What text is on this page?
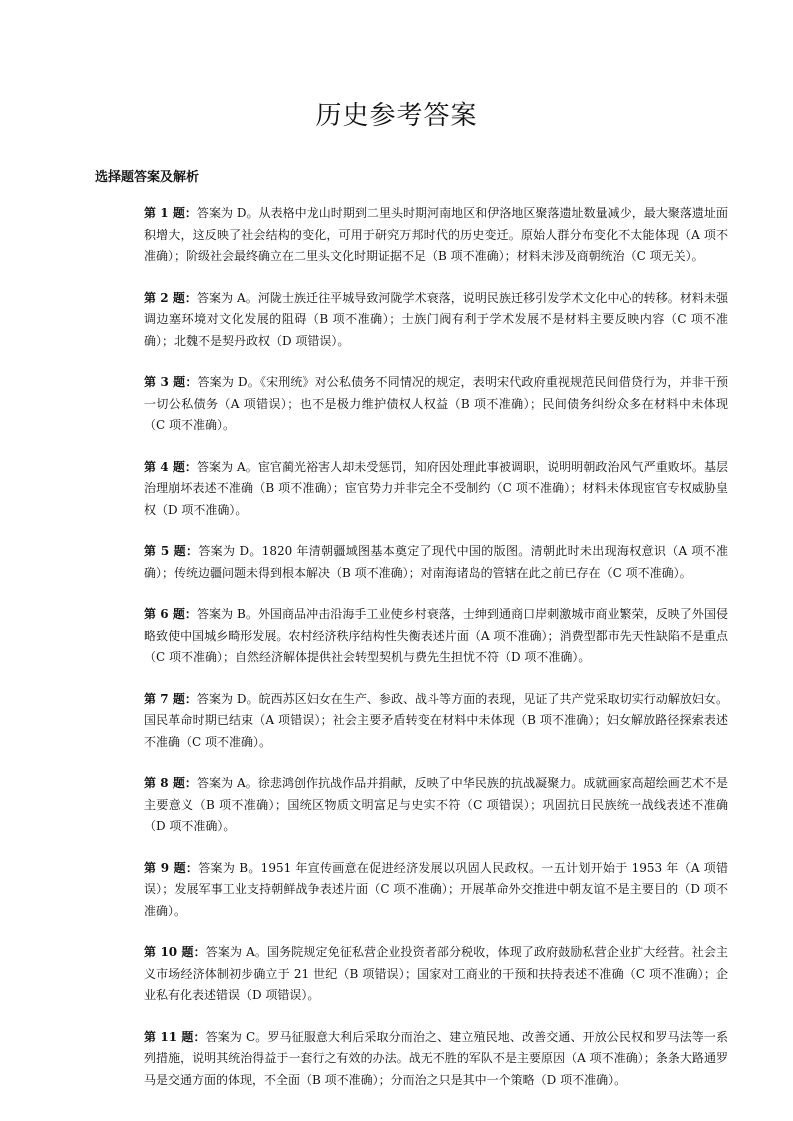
历史参考答案
选择题答案及解析

第 1 题：答案为 D。从表格中龙山时期到二里头时期河南地区和伊洛地区聚落遗址数量减少，最大聚落遗址面积增大，这反映了社会结构的变化，可用于研究万邦时代的历史变迁。原始人群分布变化不太能体现（A 项不准确）；阶级社会最终确立在二里头文化时期证据不足（B 项不准确）；材料未涉及商朝统治（C 项无关）。

第 2 题：答案为 A。河陇士族迁往平城导致河陇学术衰落，说明民族迁移引发学术文化中心的转移。材料未强调边塞环境对文化发展的阻碍（B 项不准确）；士族门阀有利于学术发展不是材料主要反映内容（C 项不准确）；北魏不是契丹政权（D 项错误）。

第 3 题：答案为 D。《宋刑统》对公私债务不同情况的规定，表明宋代政府重视规范民间借贷行为，并非干预一切公私债务（A 项错误）；也不是极力维护债权人权益（B 项不准确）；民间债务纠纷众多在材料中未体现（C 项不准确）。

第 4 题：答案为 A。宦官蔺光裕害人却未受惩罚，知府因处理此事被调职，说明明朝政治风气严重败坏。基层治理崩坏表述不准确（B 项不准确）；宦官势力并非完全不受制约（C 项不准确）；材料未体现宦官专权威胁皇权（D 项不准确）。

第 5 题：答案为 D。1820 年清朝疆域图基本奠定了现代中国的版图。清朝此时未出现海权意识（A 项不准确）；传统边疆问题未得到根本解决（B 项不准确）；对南海诸岛的管辖在此之前已存在（C 项不准确）。

第 6 题：答案为 B。外国商品冲击沿海手工业使乡村衰落，士绅到通商口岸刺激城市商业繁荣，反映了外国侵略致使中国城乡畸形发展。农村经济秩序结构性失衡表述片面（A 项不准确）；消费型都市先天性缺陷不是重点（C 项不准确）；自然经济解体提供社会转型契机与费先生担忧不符（D 项不准确）。

第 7 题：答案为 D。皖西苏区妇女在生产、参政、战斗等方面的表现，见证了共产党采取切实行动解放妇女。国民革命时期已结束（A 项错误）；社会主要矛盾转变在材料中未体现（B 项不准确）；妇女解放路径探索表述不准确（C 项不准确）。

第 8 题：答案为 A。徐悲鸿创作抗战作品并捐献，反映了中华民族的抗战凝聚力。成就画家高超绘画艺术不是主要意义（B 项不准确）；国统区物质文明富足与史实不符（C 项错误）；巩固抗日民族统一战线表述不准确（D 项不准确）。

第 9 题：答案为 B。1951 年宣传画意在促进经济发展以巩固人民政权。一五计划开始于 1953 年（A 项错误）；发展军事工业支持朝鲜战争表述片面（C 项不准确）；开展革命外交推进中朝友谊不是主要目的（D 项不准确）。

第 10 题：答案为 A。国务院规定免征私营企业投资者部分税收，体现了政府鼓励私营企业扩大经营。社会主义市场经济体制初步确立于 21 世纪（B 项错误）；国家对工商业的干预和扶持表述不准确（C 项不准确）；企业私有化表述错误（D 项错误）。

第 11 题：答案为 C。罗马征服意大利后采取分而治之、建立殖民地、改善交通、开放公民权和罗马法等一系列措施，说明其统治得益于一套行之有效的办法。战无不胜的军队不是主要原因（A 项不准确）；条条大路通罗马是交通方面的体现，不全面（B 项不准确）；分而治之只是其中一个策略（D 项不准确）。
